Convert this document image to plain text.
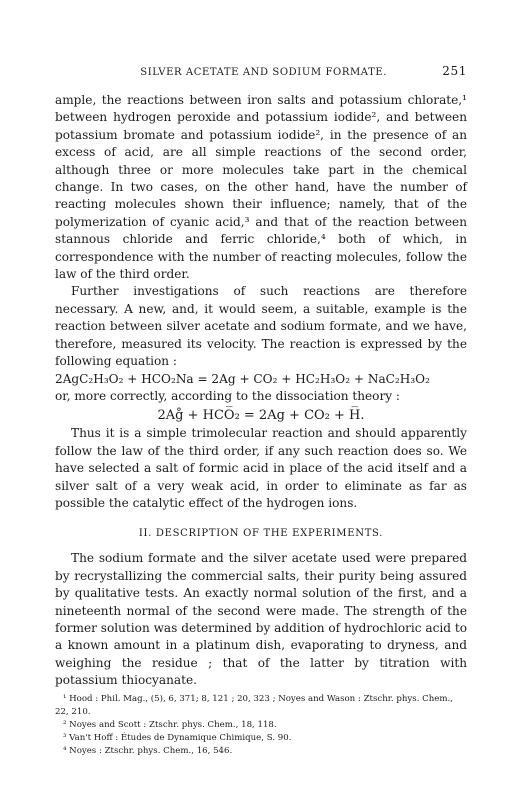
SILVER ACETATE AND SODIUM FORMATE.	251

ample, the reactions between iron salts and potassium chlorate,¹ between hydrogen peroxide and potassium iodide², and between potassium bromate and potassium iodide², in the presence of an excess of acid, are all simple reactions of the second order, although three or more molecules take part in the chemical change. In two cases, on the other hand, have the number of reacting molecules shown their influence; namely, that of the polymerization of cyanic acid,³ and that of the reaction between stannous chloride and ferric chloride,⁴ both of which, in correspondence with the number of reacting molecules, follow the law of the third order.

Further investigations of such reactions are therefore necessary. A new, and, it would seem, a suitable, example is the reaction between silver acetate and sodium formate, and we have, therefore, measured its velocity. The reaction is expressed by the following equation :

2AgC₂H₃O₂ + HCO₂Na = 2Ag + CO₂ + HC₂H₃O₂ + NaC₂H₃O₂

or, more correctly, according to the dissociation theory :

2Ag̊ + HCO̅₂ = 2Ag + CO₂ + H̅.

Thus it is a simple trimolecular reaction and should apparently follow the law of the third order, if any such reaction does so. We have selected a salt of formic acid in place of the acid itself and a silver salt of a very weak acid, in order to eliminate as far as possible the catalytic effect of the hydrogen ions.

II. DESCRIPTION OF THE EXPERIMENTS.

The sodium formate and the silver acetate used were prepared by recrystallizing the commercial salts, their purity being assured by qualitative tests. An exactly normal solution of the first, and a nineteenth normal of the second were made. The strength of the former solution was determined by addition of hydrochloric acid to a known amount in a platinum dish, evaporating to dryness, and weighing the residue ; that of the latter by titration with potassium thiocyanate.

¹ Hood : Phil. Mag., (5), 6, 371; 8, 121 ; 20, 323 ; Noyes and Wason : Ztschr. phys. Chem.,

22, 210.

² Noyes and Scott : Ztschr. phys. Chem., 18, 118.

³ Van't Hoff : Études de Dynamique Chimique, S. 90.

⁴ Noyes : Ztschr. phys. Chem., 16, 546.
